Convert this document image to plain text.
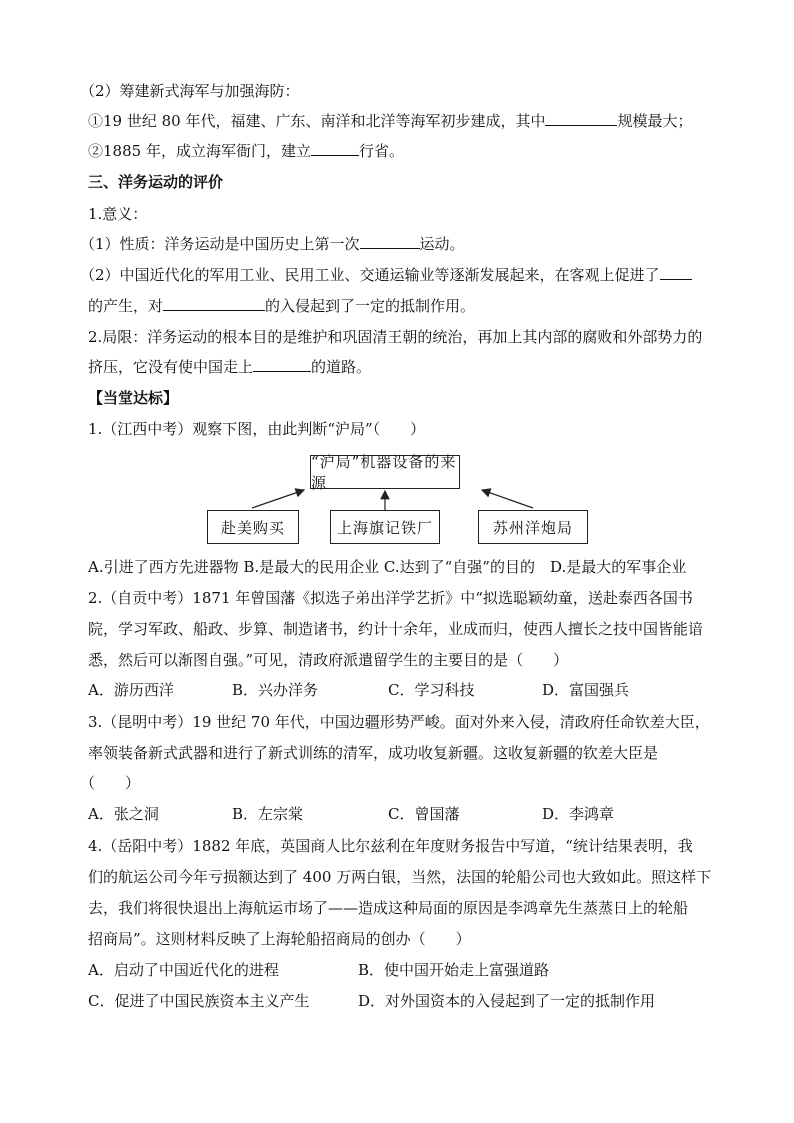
（2）筹建新式海军与加强海防：
①19 世纪 80 年代，福建、广东、南洋和北洋等海军初步建成，其中	规模最大；
②1885 年，成立海军衙门，建立	行省。
三、洋务运动的评价
1.意义：
（1）性质：洋务运动是中国历史上第一次	运动。
（2）中国近代化的军用工业、民用工业、交通运输业等逐渐发展起来，在客观上促进了
的产生，对	的入侵起到了一定的抵制作用。
2.局限：洋务运动的根本目的是维护和巩固清王朝的统治，再加上其内部的腐败和外部势力的
挤压，它没有使中国走上	的道路。
【当堂达标】
1.（江西中考）观察下图，由此判断“沪局”（　　）
“沪局”机器设备的来源
赴美购买	上海旗记铁厂	苏州洋炮局
A.引进了西方先进器物 B.是最大的民用企业 C.达到了“自强”的目的　D.是最大的军事企业
2.（自贡中考）1871 年曾国藩《拟选子弟出洋学艺折》中“拟选聪颖幼童，送赴泰西各国书
院，学习军政、船政、步算、制造诸书，约计十余年，业成而归，使西人擅长之技中国皆能谙
悉，然后可以渐图自强。”可见，清政府派遣留学生的主要目的是（　　）
A．游历西洋	B．兴办洋务	C．学习科技	D．富国强兵
3.（昆明中考）19 世纪 70 年代，中国边疆形势严峻。面对外来入侵，清政府任命钦差大臣，
率领装备新式武器和进行了新式训练的清军，成功收复新疆。这收复新疆的钦差大臣是
（　　）
A．张之洞	B．左宗棠	C．曾国藩	D．李鸿章
4.（岳阳中考）1882 年底，英国商人比尔兹利在年度财务报告中写道，“统计结果表明，我
们的航运公司今年亏损额达到了 400 万两白银，当然，法国的轮船公司也大致如此。照这样下
去，我们将很快退出上海航运市场了——造成这种局面的原因是李鸿章先生蒸蒸日上的轮船
招商局”。这则材料反映了上海轮船招商局的创办（　　）
A．启动了中国近代化的进程	B．使中国开始走上富强道路
C．促进了中国民族资本主义产生	D．对外国资本的入侵起到了一定的抵制作用
